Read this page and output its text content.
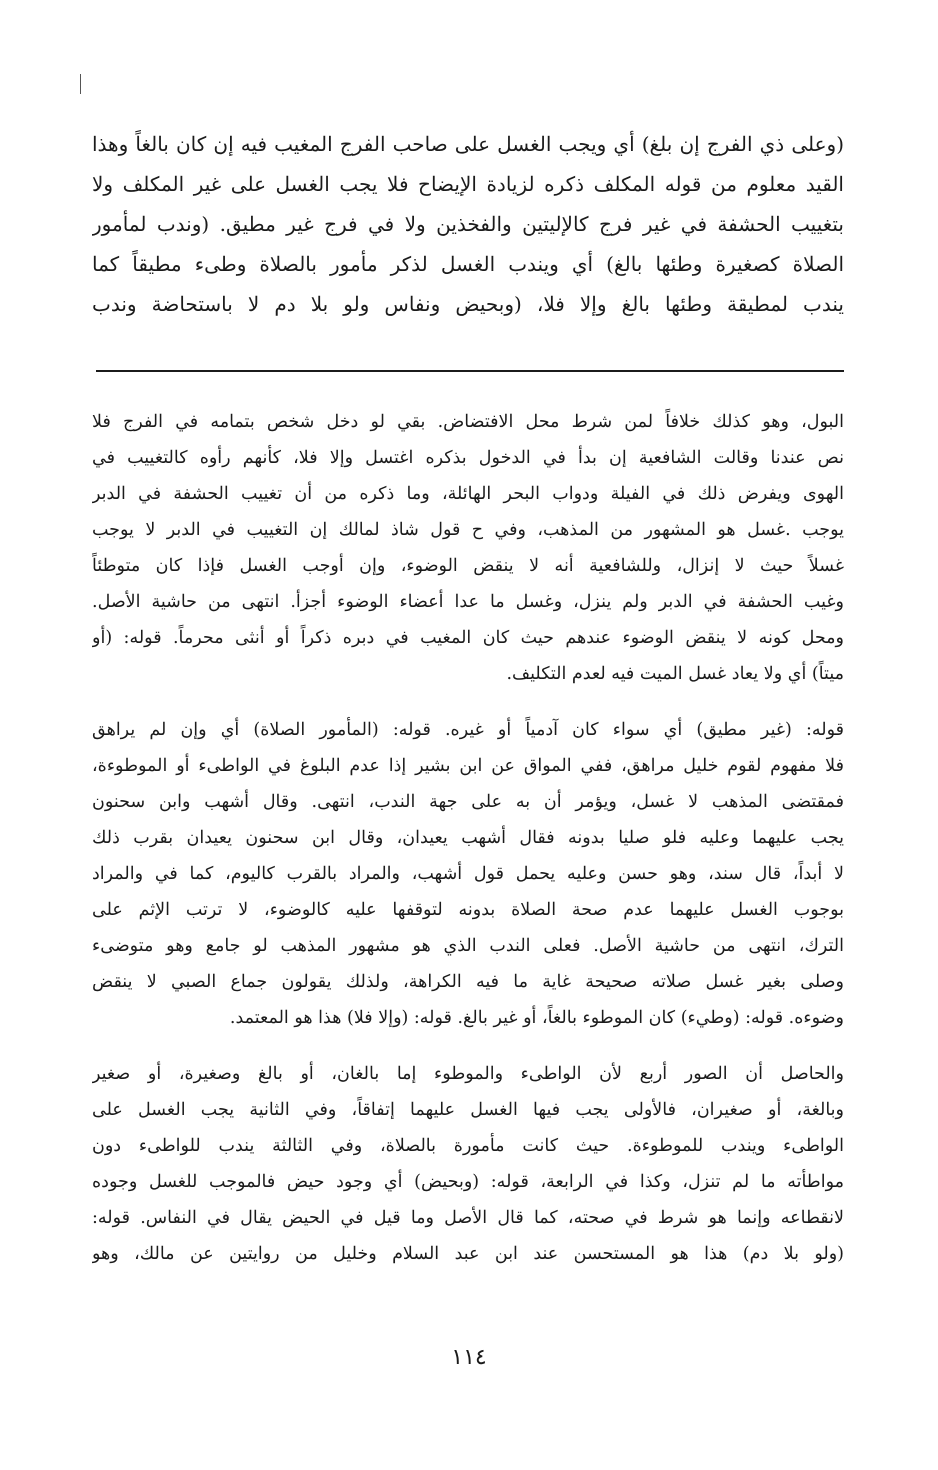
(وعلى ذي الفرج إن بلغ) أي ويجب الغسل على صاحب الفرج المغيب فيه إن كان بالغاً وهذا
القيد معلوم من قوله المكلف ذكره لزيادة الإيضاح فلا يجب الغسل على غير المكلف ولا
بتغييب الحشفة في غير فرج كالإليتين والفخذين ولا في فرج غير مطيق. (وندب لمأمور
الصلاة كصغيرة وطئها بالغ) أي ويندب الغسل لذكر مأمور بالصلاة وطىء مطيقاً كما
يندب لمطيقة وطئها بالغ وإلا فلا، (وبحيض ونفاس ولو بلا دم لا باستحاضة وندب
البول، وهو كذلك خلافاً لمن شرط محل الافتضاض. بقي لو دخل شخص بتمامه في الفرج فلا
نص عندنا وقالت الشافعية إن بدأ في الدخول بذكره اغتسل وإلا فلا، كأنهم رأوه كالتغييب في
الهوى ويفرض ذلك في الفيلة ودواب البحر الهائلة، وما ذكره من أن تغييب الحشفة في الدبر
يوجب .غسل هو المشهور من المذهب، وفي ح قول شاذ لمالك إن التغييب في الدبر لا يوجب
غسلاً حيث لا إنزال، وللشافعية أنه لا ينقض الوضوء، وإن أوجب الغسل فإذا كان متوطئاً
وغيب الحشفة في الدبر ولم ينزل، وغسل ما عدا أعضاء الوضوء أجزأ. انتهى من حاشية الأصل.
ومحل كونه لا ينقض الوضوء عندهم حيث كان المغيب في دبره ذكراً أو أنثى محرماً. قوله: (أو
ميتاً) أي ولا يعاد غسل الميت فيه لعدم التكليف.
قوله: (غير مطيق) أي سواء كان آدمياً أو غيره. قوله: (المأمور الصلاة) أي وإن لم يراهق
فلا مفهوم لقوم خليل مراهق، ففي المواق عن ابن بشير إذا عدم البلوغ في الواطىء أو الموطوءة،
فمقتضى المذهب لا غسل، ويؤمر أن به على جهة الندب، انتهى. وقال أشهب وابن سحنون
يجب عليهما وعليه فلو صليا بدونه فقال أشهب يعيدان، وقال ابن سحنون يعيدان بقرب ذلك
لا أبداً، قال سند، وهو حسن وعليه يحمل قول أشهب، والمراد بالقرب كاليوم، كما في والمراد
بوجوب الغسل عليهما عدم صحة الصلاة بدونه لتوقفها عليه كالوضوء، لا ترتب الإثم على
الترك، انتهى من حاشية الأصل. فعلى الندب الذي هو مشهور المذهب لو جامع وهو متوضىء
وصلى بغير غسل صلاته صحيحة غاية ما فيه الكراهة، ولذلك يقولون جماع الصبي لا ينقض
وضوءه. قوله: (وطيء) كان الموطوء بالغاً، أو غير بالغ. قوله: (وإلا فلا) هذا هو المعتمد.
والحاصل أن الصور أربع لأن الواطىء والموطوء إما بالغان، أو بالغ وصغيرة، أو صغير
وبالغة، أو صغيران، فالأولى يجب فيها الغسل عليهما إتفاقاً، وفي الثانية يجب الغسل على
الواطىء ويندب للموطوءة. حيث كانت مأمورة بالصلاة، وفي الثالثة يندب للواطىء دون
مواطأته ما لم تنزل، وكذا في الرابعة، قوله: (وبحيض) أي وجود حيض فالموجب للغسل وجوده
لانقطاعه وإنما هو شرط في صحته، كما قال الأصل وما قيل في الحيض يقال في النفاس. قوله:
(ولو بلا دم) هذا هو المستحسن عند ابن عبد السلام وخليل من روايتين عن مالك، وهو
١١٤
